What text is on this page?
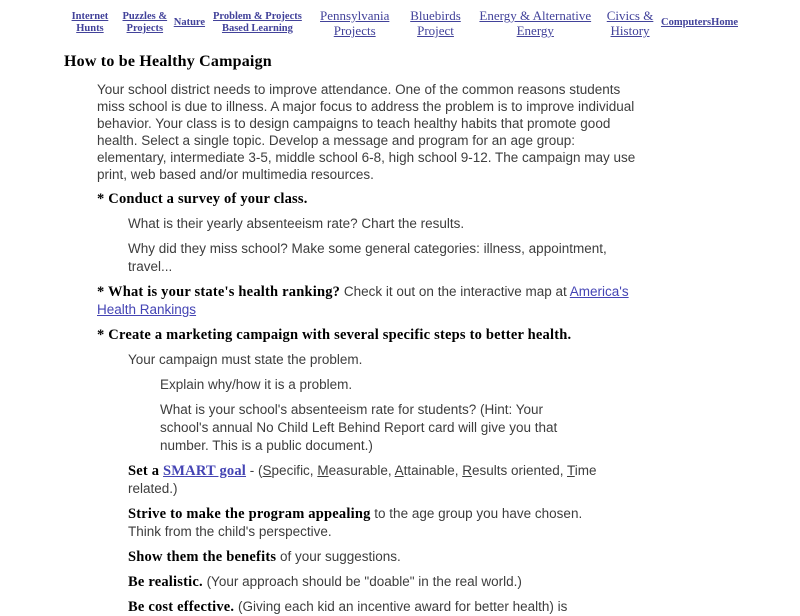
Internet Hunts
Puzzles & Projects
Nature
Problem & Projects Based Learning
Pennsylvania Projects
Bluebirds Project
Energy & Alternative Energy
Civics & History
Computers Home
How to be Healthy Campaign
Your school district needs to improve attendance. One of the common reasons students
miss school is due to illness. A major focus to address the problem is to improve individual
behavior. Your class is to design campaigns to teach healthy habits that promote good
health. Select a single topic. Develop a message and program for an age group:
elementary, intermediate 3-5, middle school 6-8, high school 9-12. The campaign may use
print, web based and/or multimedia resources.
* Conduct a survey of your class.
What is their yearly absenteeism rate? Chart the results.
Why did they miss school? Make some general categories: illness, appointment,
travel...
* What is your state's health ranking? Check it out on the interactive map at America's
Health Rankings
* Create a marketing campaign with several specific steps to better health.
Your campaign must state the problem.
Explain why/how it is a problem.
What is your school's absenteeism rate for students? (Hint: Your
school's annual No Child Left Behind Report card will give you that
number. This is a public document.)
Set a SMART goal - (Specific, Measurable, Attainable, Results oriented, Time
related.)
Strive to make the program appealing to the age group you have chosen.
Think from the child's perspective.
Show them the benefits of your suggestions.
Be realistic. (Your approach should be "doable" in the real world.)
Be cost effective. (Giving each kid an incentive award for better health) is
